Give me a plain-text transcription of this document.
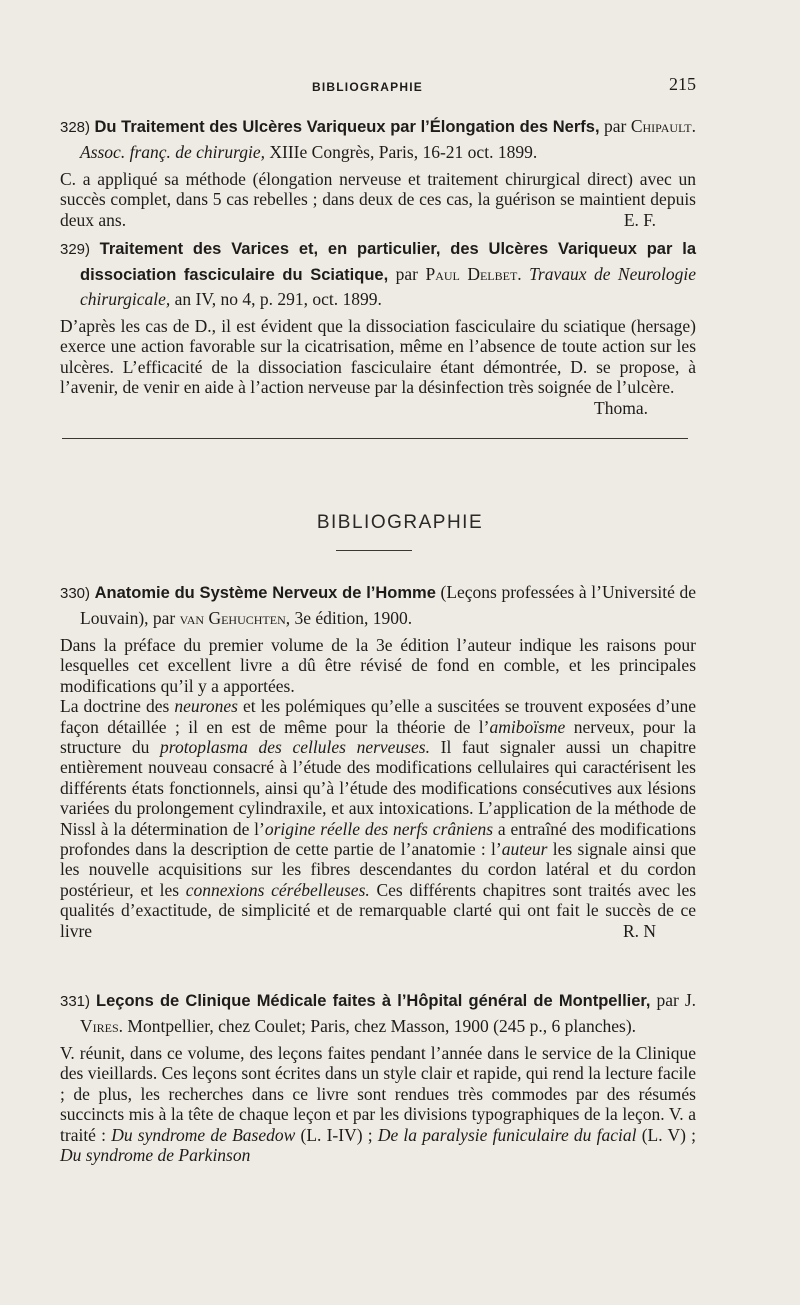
BIBLIOGRAPHIE	215

328) Du Traitement des Ulcères Variqueux par l’Élongation des Nerfs, par Chipault. Assoc. franç. de chirurgie, XIIIe Congrès, Paris, 16-21 oct. 1899.

C. a appliqué sa méthode (élongation nerveuse et traitement chirurgical direct) avec un succès complet, dans 5 cas rebelles ; dans deux de ces cas, la guérison se maintient depuis deux ans.	E. F.

329) Traitement des Varices et, en particulier, des Ulcères Variqueux par la dissociation fasciculaire du Sciatique, par Paul Delbet. Travaux de Neurologie chirurgicale, an IV, no 4, p. 291, oct. 1899.

D’après les cas de D., il est évident que la dissociation fasciculaire du sciatique (hersage) exerce une action favorable sur la cicatrisation, même en l’absence de toute action sur les ulcères. L’efficacité de la dissociation fasciculaire étant démontrée, D. se propose, à l’avenir, de venir en aide à l’action nerveuse par la désinfection très soignée de l’ulcère.
Thoma.

BIBLIOGRAPHIE

330) Anatomie du Système Nerveux de l’Homme (Leçons professées à l’Université de Louvain), par van Gehuchten, 3e édition, 1900.

Dans la préface du premier volume de la 3e édition l’auteur indique les raisons pour lesquelles cet excellent livre a dû être révisé de fond en comble, et les principales modifications qu’il y a apportées.

La doctrine des neurones et les polémiques qu’elle a suscitées se trouvent exposées d’une façon détaillée ; il en est de même pour la théorie de l’amiboïsme nerveux, pour la structure du protoplasma des cellules nerveuses. Il faut signaler aussi un chapitre entièrement nouveau consacré à l’étude des modifications cellulaires qui caractérisent les différents états fonctionnels, ainsi qu’à l’étude des modifications consécutives aux lésions variées du prolongement cylindraxile, et aux intoxications. L’application de la méthode de Nissl à la détermination de l’origine réelle des nerfs crâniens a entraîné des modifications profondes dans la description de cette partie de l’anatomie : l’auteur les signale ainsi que les nouvelle acquisitions sur les fibres descendantes du cordon latéral et du cordon postérieur, et les connexions cérébelleuses. Ces différents chapitres sont traités avec les qualités d’exactitude, de simplicité et de remarquable clarté qui ont fait le succès de ce livre	R. N

331) Leçons de Clinique Médicale faites à l’Hôpital général de Montpellier, par J. Vires. Montpellier, chez Coulet; Paris, chez Masson, 1900 (245 p., 6 planches).

V. réunit, dans ce volume, des leçons faites pendant l’année dans le service de la Clinique des vieillards. Ces leçons sont écrites dans un style clair et rapide, qui rend la lecture facile ; de plus, les recherches dans ce livre sont rendues très commodes par des résumés succincts mis à la tête de chaque leçon et par les divisions typographiques de la leçon. V. a traité : Du syndrome de Basedow (L. I-IV) ; De la paralysie funiculaire du facial (L. V) ; Du syndrome de Parkinson
